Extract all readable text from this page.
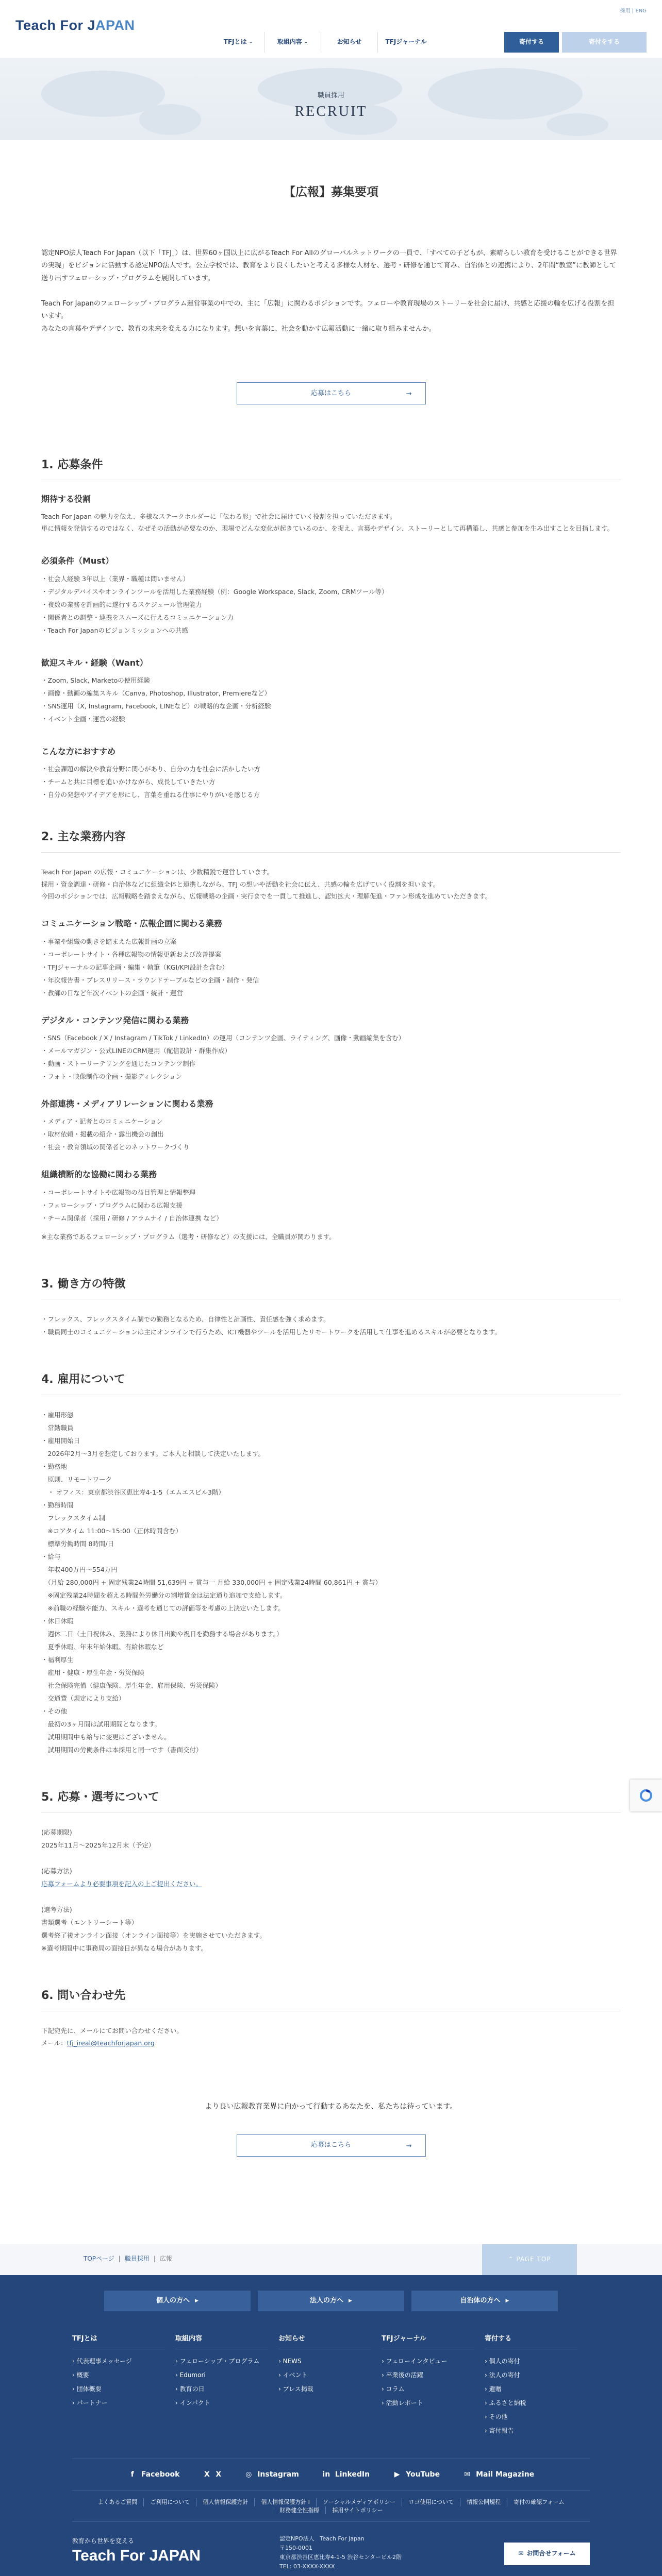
Teach For JAPAN
採用 | ENG
TFJとは ⌄	取組内容 ⌄	お知らせ	TFJジャーナル	寄付する	寄付をする
職員採用
RECRUIT
【広報】募集要項

認定NPO法人Teach For Japan（以下「TFJ」）は、世界60ヶ国以上に広がるTeach For Allのグローバルネットワークの一員で、「すべての子どもが、素晴らしい教育を受けることができる世界の実現」をビジョンに活動する認定NPO法人です。公立学校では、教育をより良くしたいと考える多様な人材を、選考・研修を通じて育み、自治体との連携により、2年間“教室”に教師として送り出すフェローシップ・プログラムを展開しています。

Teach For Japanのフェローシップ・プログラム運営事業の中での、主に「広報」に関わるポジションです。フェローや教育現場のストーリーを社会に届け、共感と応援の輪を広げる役割を担います。

あなたの言葉やデザインで、教育の未来を変える力になります。想いを言葉に、社会を動かす広報活動に一緒に取り組みませんか。

応募はこちら	→
1. 応募条件
期待する役割

Teach For Japan の魅力を伝え、多様なステークホルダーに「伝わる形」で社会に届けていく役割を担っていただきます。

単に情報を発信するのではなく、なぜその活動が必要なのか、現場でどんな変化が起きているのか、を捉え、言葉やデザイン、ストーリーとして再構築し、共感と参加を生み出すことを目指します。

必須条件（Must）
・ 社会人経験 3年以上（業界・職種は問いません）
・ デジタルデバイスやオンラインツールを活用した業務経験（例：Google Workspace, Slack, Zoom, CRMツール等）
・ 複数の業務を計画的に遂行するスケジュール管理能力
・ 関係者との調整・連携をスムーズに行えるコミュニケーション力
・ Teach For Japanのビジョンミッションへの共感
歓迎スキル・経験（Want）
・ Zoom, Slack, Marketoの使用経験
・ 画像・動画の編集スキル（Canva, Photoshop, Illustrator, Premiereなど）
・ SNS運用（X, Instagram, Facebook, LINEなど）の戦略的な企画・分析経験
・ イベント企画・運営の経験
こんな方におすすめ
・ 社会課題の解決や教育分野に関心があり、自分の力を社会に活かしたい方
・ チームと共に目標を追いかけながら、成長していきたい方
・ 自分の発想やアイデアを形にし、言葉を重ねる仕事にやりがいを感じる方
2. 主な業務内容

Teach For Japan の広報・コミュニケーションは、少数精鋭で運営しています。

採用・資金調達・研修・自治体などに組織全体と連携しながら、TFJ の想いや活動を社会に伝え、共感の輪を広げていく役割を担います。

今回のポジションでは、広報戦略を踏まえながら、広報戦略の企画・実行までを一貫して推進し、認知拡大・理解促進・ファン形成を進めていただきます。

コミュニケーション戦略・広報企画に関わる業務
・ 事業や組織の動きを踏まえた広報計画の立案
・ コーポレートサイト・各種広報物の情報更新および改善提案
・ TFJジャーナルの記事企画・編集・執筆（KGI/KPI設計を含む）
・ 年次報告書・プレスリリース・ラウンドテーブルなどの企画・制作・発信
・ 教師の日など年次イベントの企画・統計・運営
デジタル・コンテンツ発信に関わる業務
・ SNS（Facebook / X / Instagram / TikTok / LinkedIn）の運用（コンテンツ企画、ライティング、画像・動画編集を含む）
・ メールマガジン・公式LINEのCRM運用（配信設計・群集作成）
・ 動画・ストーリーテリングを通じたコンテンツ制作
・ フォト・映像制作の企画・撮影ディレクション
外部連携・メディアリレーションに関わる業務
・ メディア・記者とのコミュニケーション
・ 取材依頼・掲載の紹介・露出機会の創出
・ 社会・教育領域の関係者とのネットワークづくり
組織横断的な協働に関わる業務
・ コーポレートサイトや広報物の益目管理と情報整理
・ フェローシップ・プログラムに関わる広報支援
・ チーム関係者（採用 / 研修 / アラムナイ / 自治体連携 など）

※主な業務であるフェローシップ・プログラム（選考・研修など）の支援には、全職員が関わります。

3. 働き方の特徴
・ フレックス、フレックスタイム制での勤務となるため、自律性と計画性、責任感を強く求めます。
・ 職員同士のコミュニケーションは主にオンラインで行うため、ICT機器やツールを活用したリモートワークを活用して仕事を進めるスキルが必要となります。
4. 雇用について
・雇用形態
　常勤職員
・雇用開始日
　2026年2月〜3月を想定しております。ご本人と相談して決定いたします。
・勤務地
　原則、リモートワーク
　・ オフィス：東京都渋谷区恵比寿4-1-5（エムエスビル3階）
・勤務時間
　フレックスタイム制
　※コアタイム 11:00〜15:00（正休時間含む）
　標準労働時間 8時間/日
・給与
　年収400万円〜554万円
　（月給 280,000円 + 固定残業24時間 51,639円 + 賞与一 月給 330,000円 + 固定残業24時間 60,861円 + 賞与）
　※固定残業24時間を超える時間外労働分の割増賃金は法定通り追加で支給します。
　※前職の経験や能力、スキル・選考を通じての評価等を考慮の上決定いたします。
・休日休暇
　週休二日（土日祝休み、業務により休日出勤や祝日を勤務する場合があります。）
　夏季休暇、年末年始休暇、有給休暇など
・福利厚生
　雇用・健康・厚生年金・労災保険
　社会保険完備（健康保険、厚生年金、雇用保険、労災保険）
　交通費（規定により支給）
・その他
　最初の3ヶ月間は試用期間となります。
　試用期間中も給与に変更はございません。
　試用期間の労働条件は本採用と同一です（書面交付）
5. 応募・選考について
(応募期限)
2025年11月〜2025年12月末（予定）

(応募方法)
応募フォームより必要事項を記入の上ご提出ください。

(選考方法)
書類選考（エントリーシート等）
選考終了後オンライン面接（オンライン面接等）を実施させていただきます。
※選考期間中に事務局の面接日が異なる場合があります。
6. 問い合わせ先

下記宛先に、メールにてお問い合わせください。

メール：tfj_ireal@teachforjapan.org

より良い広報教育業界に向かって行動するあなたを、私たちは待っています。

応募はこちら	→
TOPページ | 職員採用 | 広報	⌃ PAGE TOP
個人の方へ ▶	法人の方へ ▶	自治体の方へ ▶
TFJとは
› 代表理事メッセージ
› 概要
› 団体概要
› パートナー
取組内容
› フェローシップ・プログラム
› Edumori
› 教育の日
› インパクト
お知らせ
› NEWS
› イベント
› プレス掲載
TFJジャーナル
› フェローインタビュー
› 卒業後の活躍
› コラム
› 活動レポート
寄付する
› 個人の寄付
› 法人の寄付
› 遺贈
› ふるさと納税
› その他
› 寄付報告
f Facebook	X X	◎ Instagram	in LinkedIn	▶ YouTube	✉ Mail Magazine
よくあるご質問	ご利用について	個人情報保護方針	個人情報保護方針 I	ソーシャルメディアポリシー	ロゴ使用について	情報公開規程	寄付の確認フォーム
財務健全性指標	採用サイトポリシー
教育から世界を変える
Teach For JAPAN
認定NPO法人　Teach For Japan
〒150-0001
東京都渋谷区恵比寿4-1-5 渋谷センタービル2階
TEL: 03-XXXX-XXXX
✉ お問合せフォーム
